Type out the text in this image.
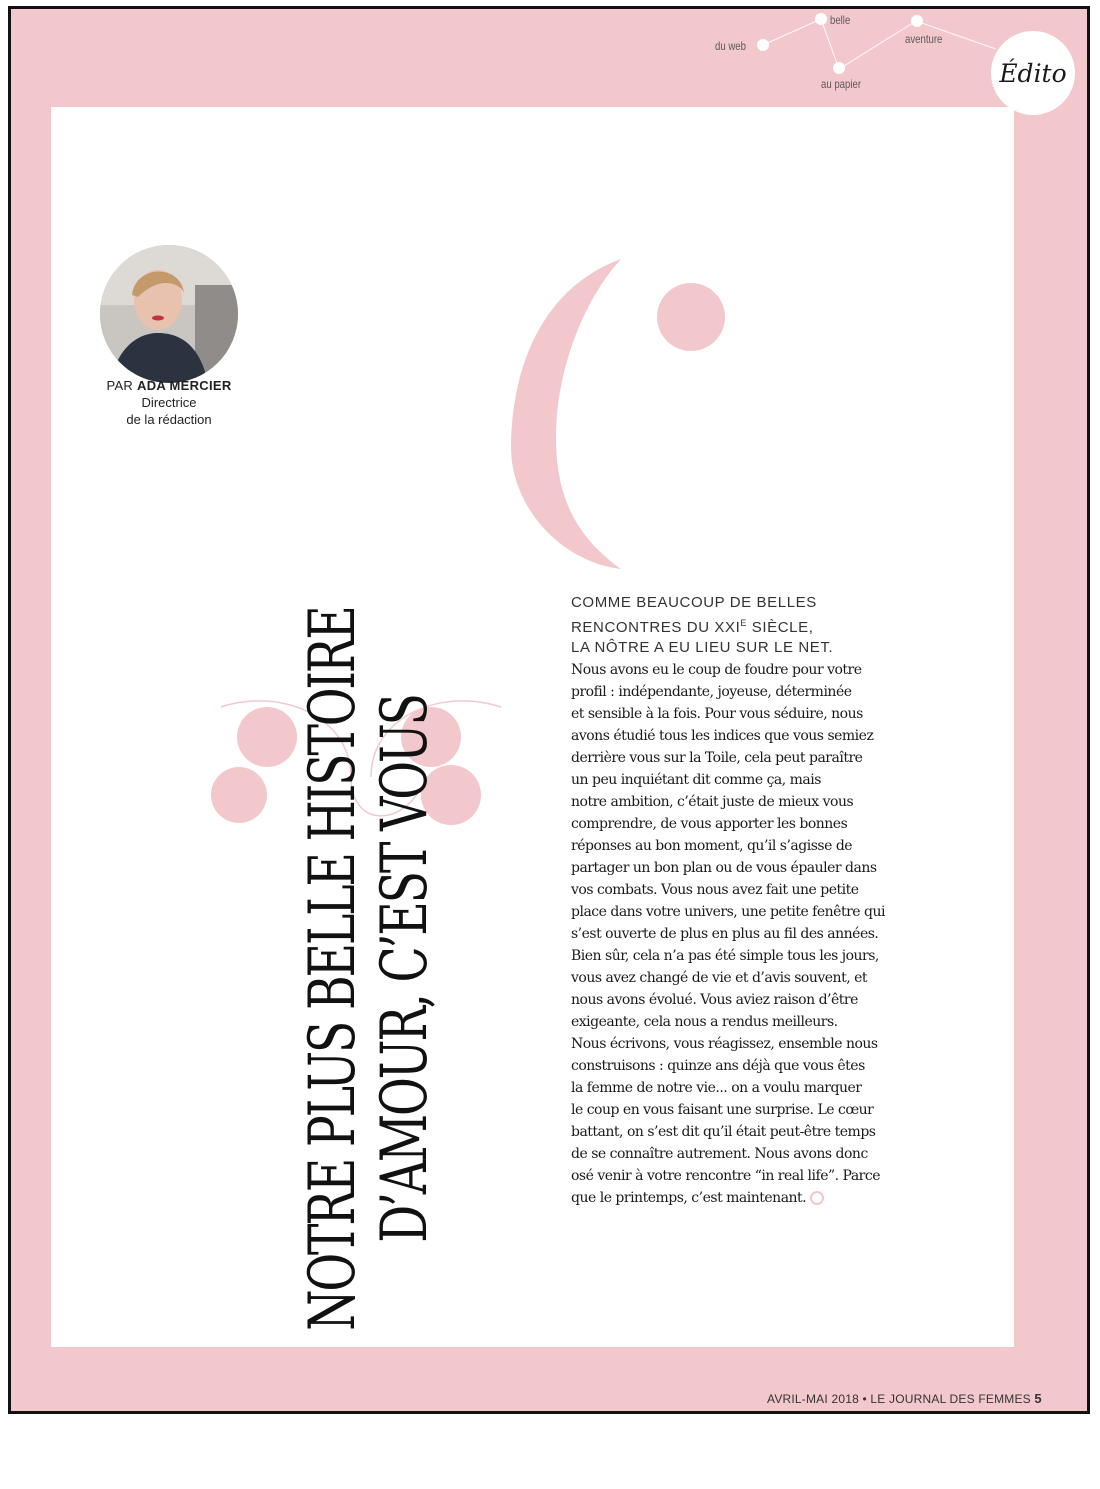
du web
belle
aventure
au papier	Édito
PAR ADA MERCIER
Directrice
de la rédaction
NOTRE PLUS BELLE HISTOIRE
D’AMOUR, C’EST VOUS
COMME BEAUCOUP DE BELLES
RENCONTRES DU $XXI^E$ SIÈCLE,
LA NÔTRE A EU LIEU SUR LE NET.
Nous avons eu le coup de foudre pour votre
profil : indépendante, joyeuse, déterminée
et sensible à la fois. Pour vous séduire, nous
avons étudié tous les indices que vous semiez
derrière vous sur la Toile, cela peut paraître
un peu inquiétant dit comme ça, mais
notre ambition, c’était juste de mieux vous
comprendre, de vous apporter les bonnes
réponses au bon moment, qu’il s’agisse de
partager un bon plan ou de vous épauler dans
vos combats. Vous nous avez fait une petite
place dans votre univers, une petite fenêtre qui
s’est ouverte de plus en plus au fil des années.
Bien sûr, cela n’a pas été simple tous les jours,
vous avez changé de vie et d’avis souvent, et
nous avons évolué. Vous aviez raison d’être
exigeante, cela nous a rendus meilleurs.
Nous écrivons, vous réagissez, ensemble nous
construisons : quinze ans déjà que vous êtes
la femme de notre vie... on a voulu marquer
le coup en vous faisant une surprise. Le cœur
battant, on s’est dit qu’il était peut-être temps
de se connaître autrement. Nous avons donc
osé venir à votre rencontre “in real life”. Parce
que le printemps, c’est maintenant.
AVRIL-MAI 2018 • LE JOURNAL DES FEMMES 5
